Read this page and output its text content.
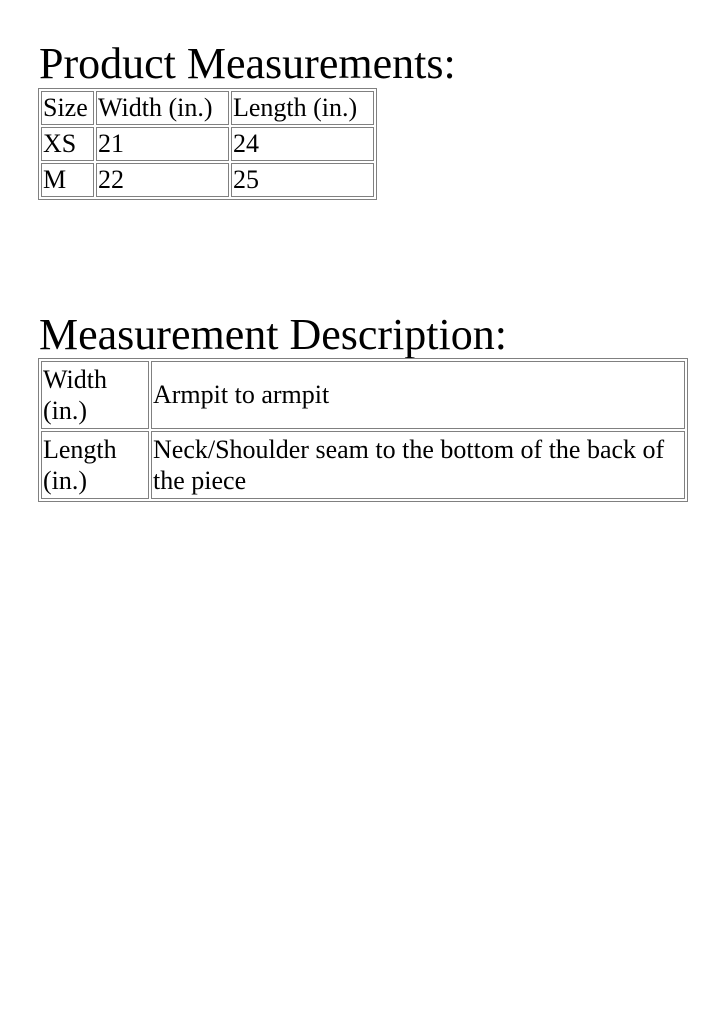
Product Measurements:
Size	Width (in.)	Length (in.)
XS	21	24
M	22	25
Measurement Description:
Width (in.)	Armpit to armpit
Length (in.)	Neck/Shoulder seam to the bottom of the back of the piece
